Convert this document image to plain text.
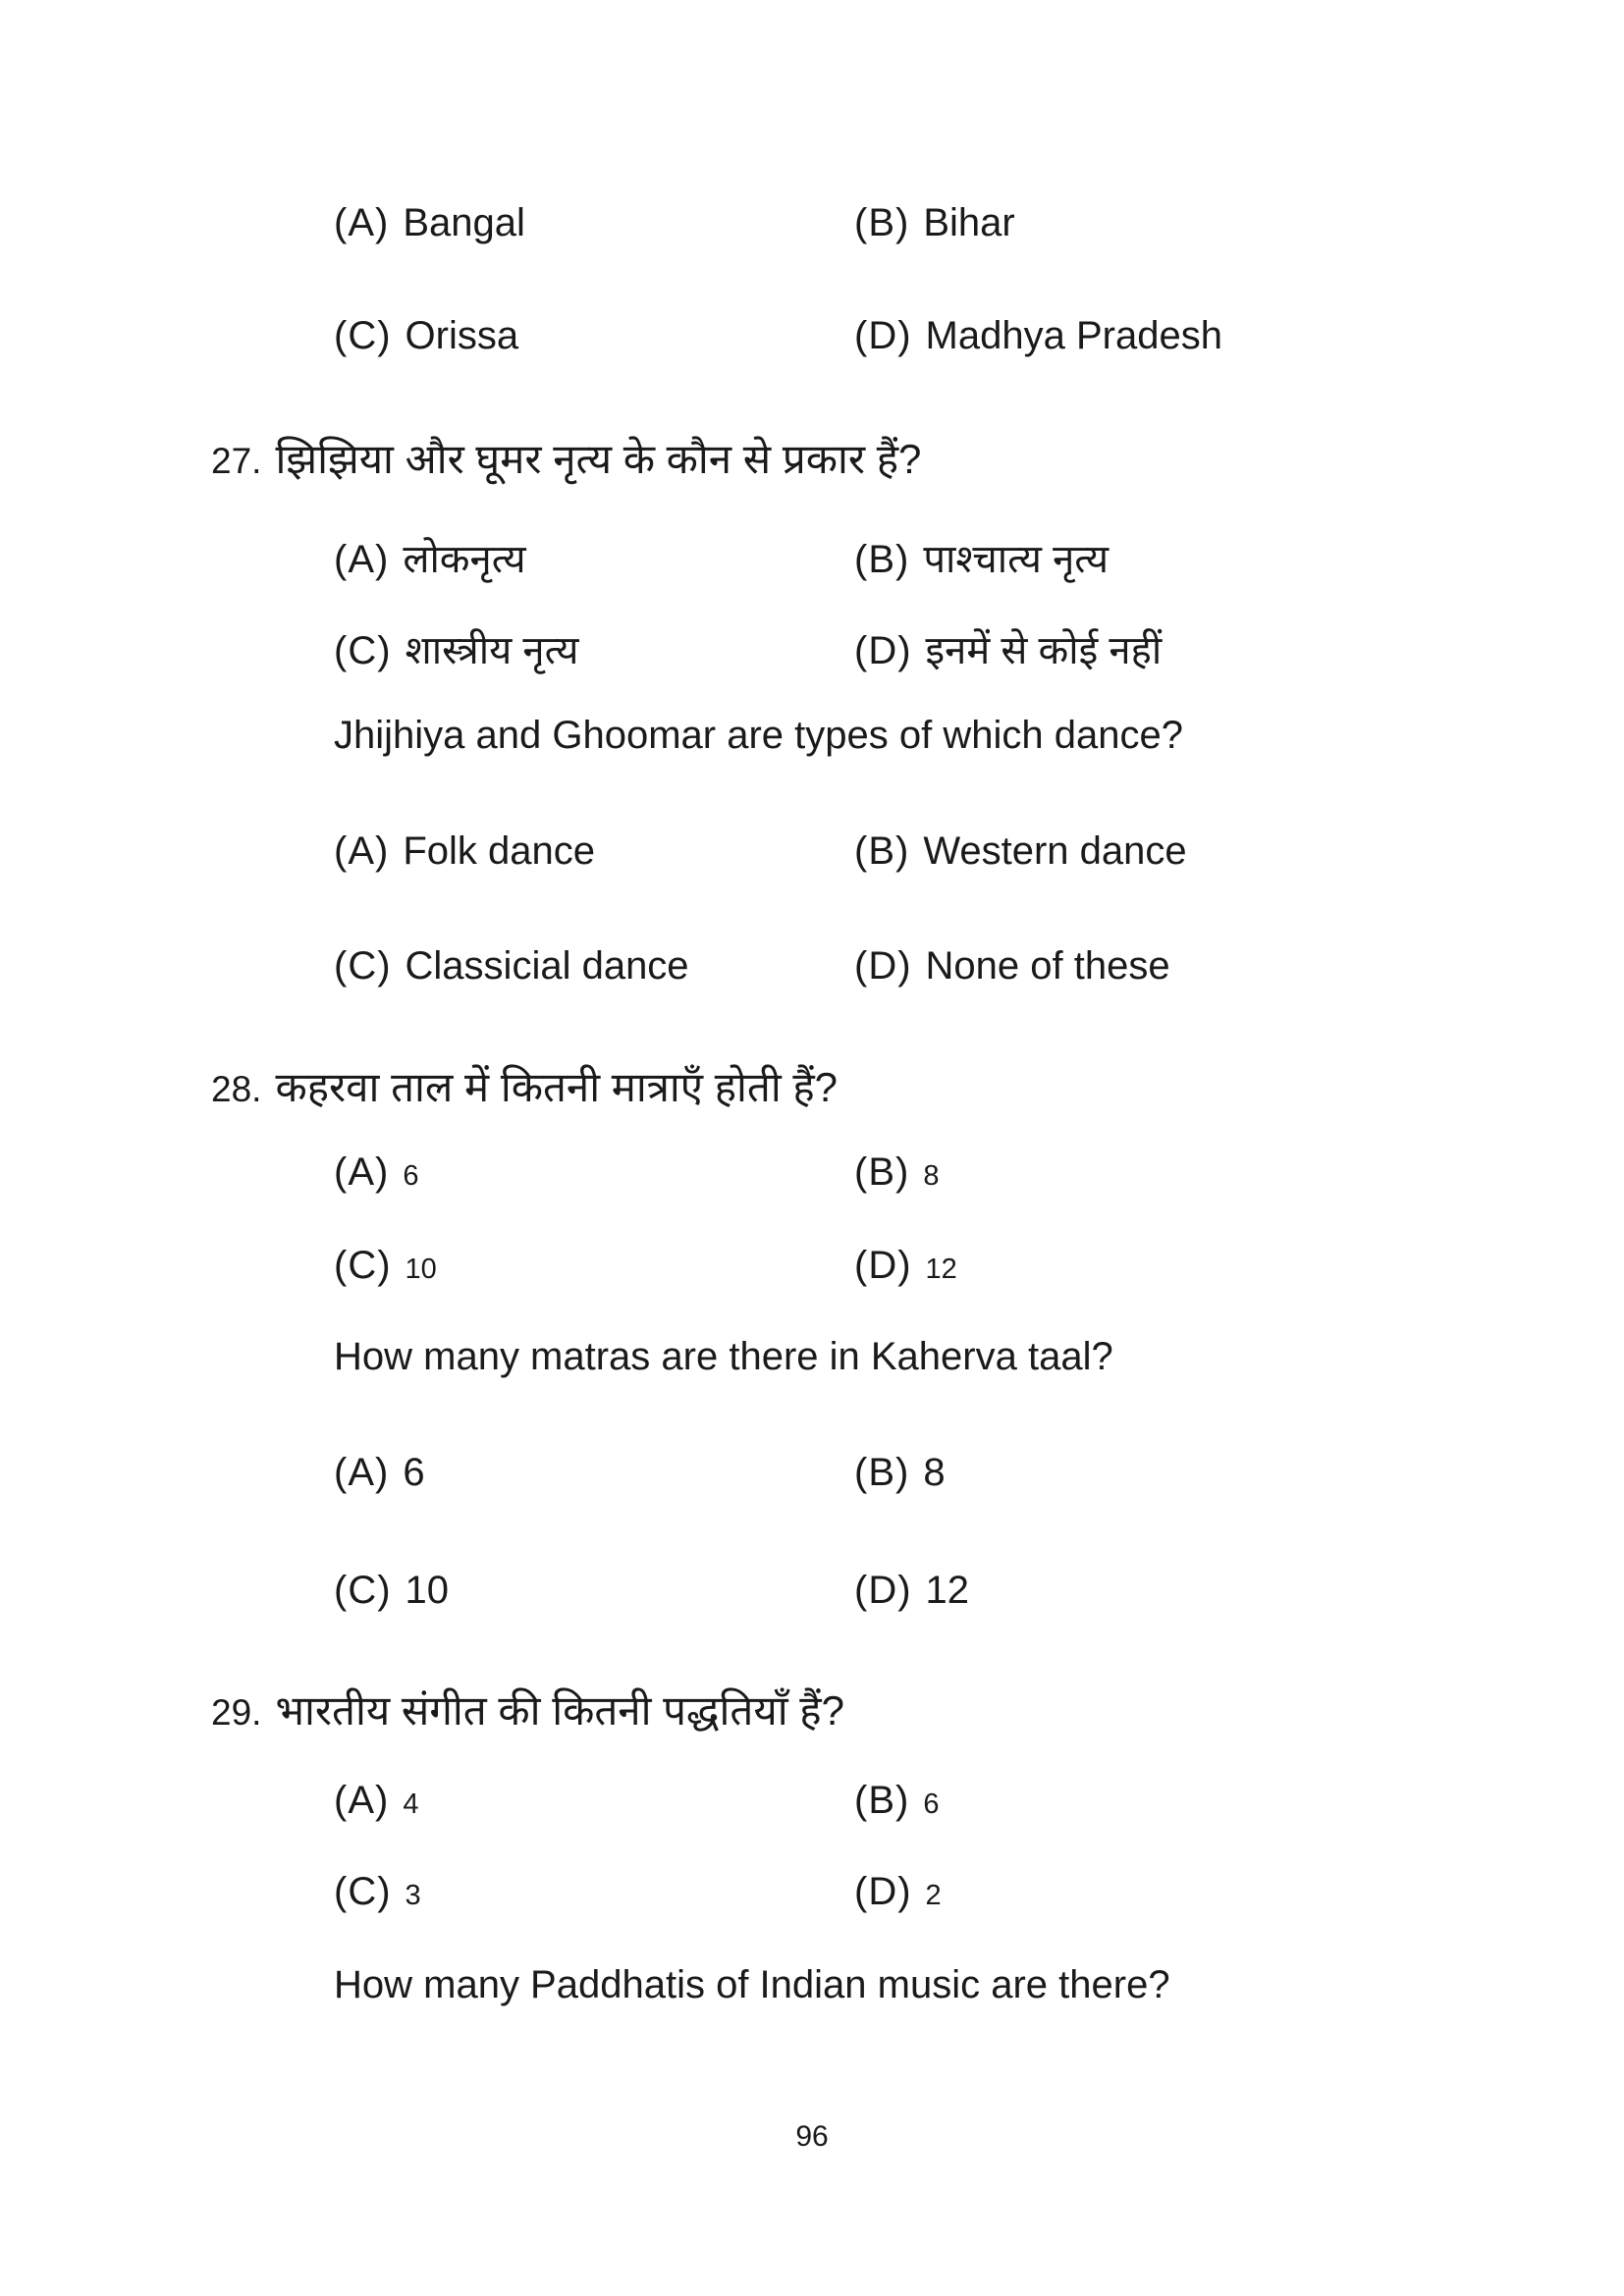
(A) Bangal	(B) Bihar
(C) Orissa	(D) Madhya Pradesh
27. झिझिया और घूमर नृत्य के कौन से प्रकार हैं?
(A) लोकनृत्य	(B) पाश्चात्य नृत्य
(C) शास्त्रीय नृत्य	(D) इनमें से कोई नहीं
Jhijhiya and Ghoomar are types of which dance?
(A) Folk dance	(B) Western dance
(C) Classicial dance	(D) None of these
28. कहरवा ताल में कितनी मात्राएँ होती हैं?
(A) 6	(B) 8
(C) 10	(D) 12
How many matras are there in Kaherva taal?
(A) 6	(B) 8
(C) 10	(D) 12
29. भारतीय संगीत की कितनी पद्धतियाँ हैं?
(A) 4	(B) 6
(C) 3	(D) 2
How many Paddhatis of Indian music are there?
96
